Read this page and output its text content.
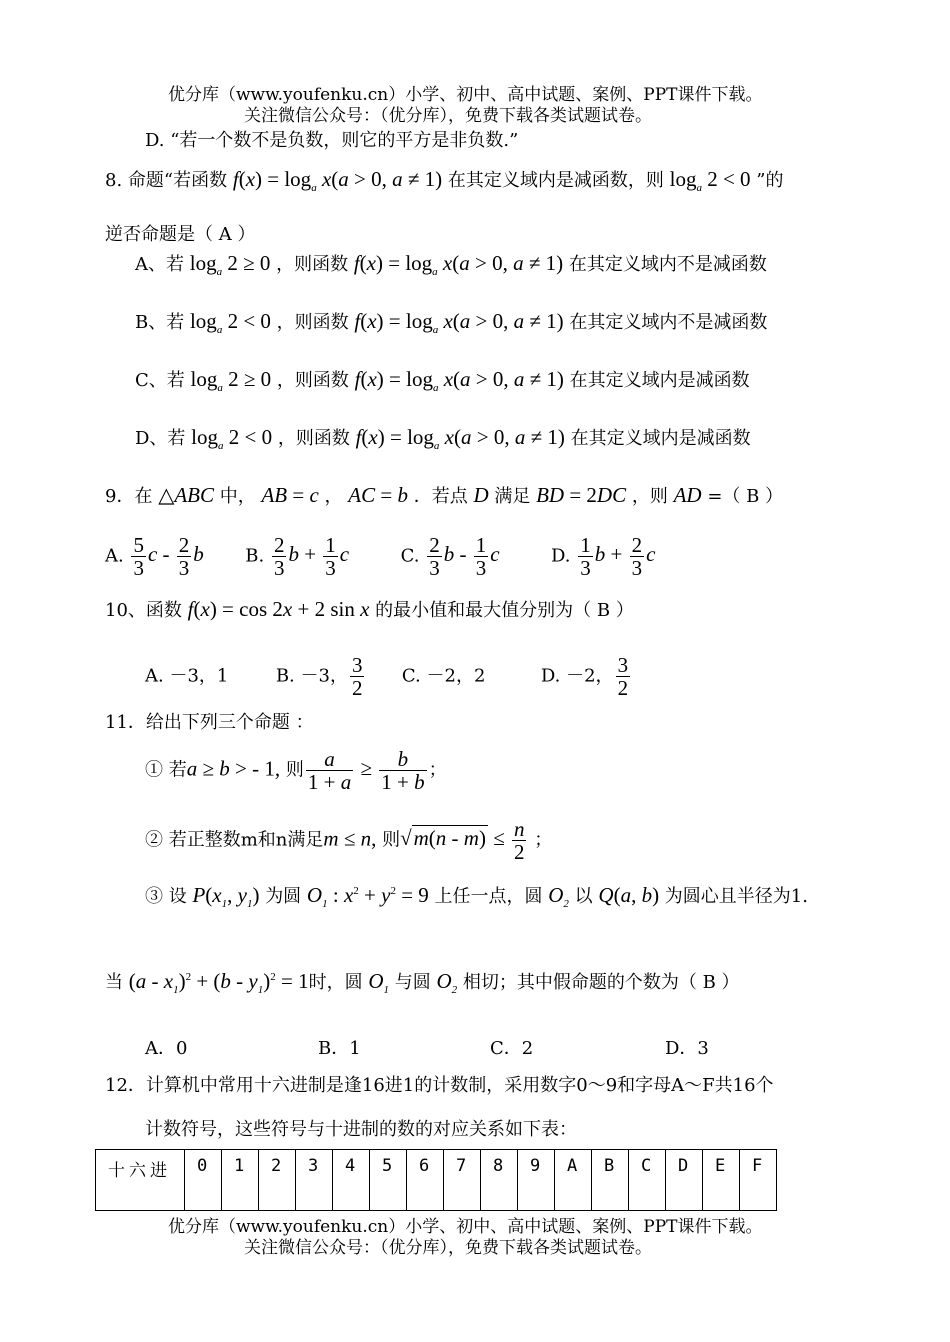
优分库（www.youfenku.cn）小学、初中、高中试题、案例、PPT课件下载。
关注微信公众号：（优分库），免费下载各类试题试卷。
D. “若一个数不是负数，则它的平方是非负数.”
8. 命题“若函数 $f(x) = \log_a x(a > 0$, a ≠ 1) 在其定义域内是减函数，则 $\log_a 2 < 0$ ”的
逆否命题是（ A ）
A、若 $\log_a 2 \ge 0$ ，则函数 $f(x) = \log_a x(a > 0$, a ≠ 1) 在其定义域内不是减函数
B、若 $\log_a 2 < 0$ ，则函数 $f(x) = \log_a x(a > 0$, a ≠ 1) 在其定义域内不是减函数
C、若 $\log_a 2 \ge 0$ ，则函数 $f(x) = \log_a x(a > 0$, a ≠ 1) 在其定义域内是减函数
D、若 $\log_a 2 < 0$ ，则函数 $f(x) = \log_a x(a > 0$, a ≠ 1) 在其定义域内是减函数
9．在 △ABC 中， AB = c ， AC = b ．若点 D 满足 BD = 2DC ，则 AD =（ B ）
A. $\frac{5}{3}$ c - $\frac{2}{3}$ b B. $\frac{2}{3}$ $b + \frac{1}{3}$ c	C. $\frac{2}{3}$ b - $\frac{1}{3}$ c	D. $\frac{1}{3}$ $b + \frac{2}{3}$ c
10、函数 f(x) = cos 2x + 2 sin x 的最小值和最大值分别为（ B ）
A. －3，1	B. －3， $\frac{3}{2} C$. －2，2	D. －2， $\frac{3}{2}$
11．给出下列三个命题 ：
① 若a ≥ b > - 1, 则 $\frac{a}{1 + a} \ge \frac{b}{1 + b}$ ；
② 若正整数m和n满足m ≤ n, 则$√m(n - m) \le \frac{n}{2}$ ；
③ 设 $P(x_1$, $y_1$) 为圆 $O_1$ : $x^2 + y^2 = 9$ 上任一点，圆 $O_2$ 以 Q(a, b) 为圆心且半径为1.
当 $(a - x_1)^2 + (b - y_1)^2 = 1$时，圆 $O_1$ 与圆 $O_2$ 相切；其中假命题的个数为（ B ）
A．0	B．1	C．2	D．3
12．计算机中常用十六进制是逢16进1的计数制，采用数字0～9和字母A～F共16个
计数符号，这些符号与十进制的数的对应关系如下表：
十六进	0	1	2	3	4	5	6	7	8	9	A	B	C	D	E	F
优分库（www.youfenku.cn）小学、初中、高中试题、案例、PPT课件下载。
关注微信公众号：（优分库），免费下载各类试题试卷。
